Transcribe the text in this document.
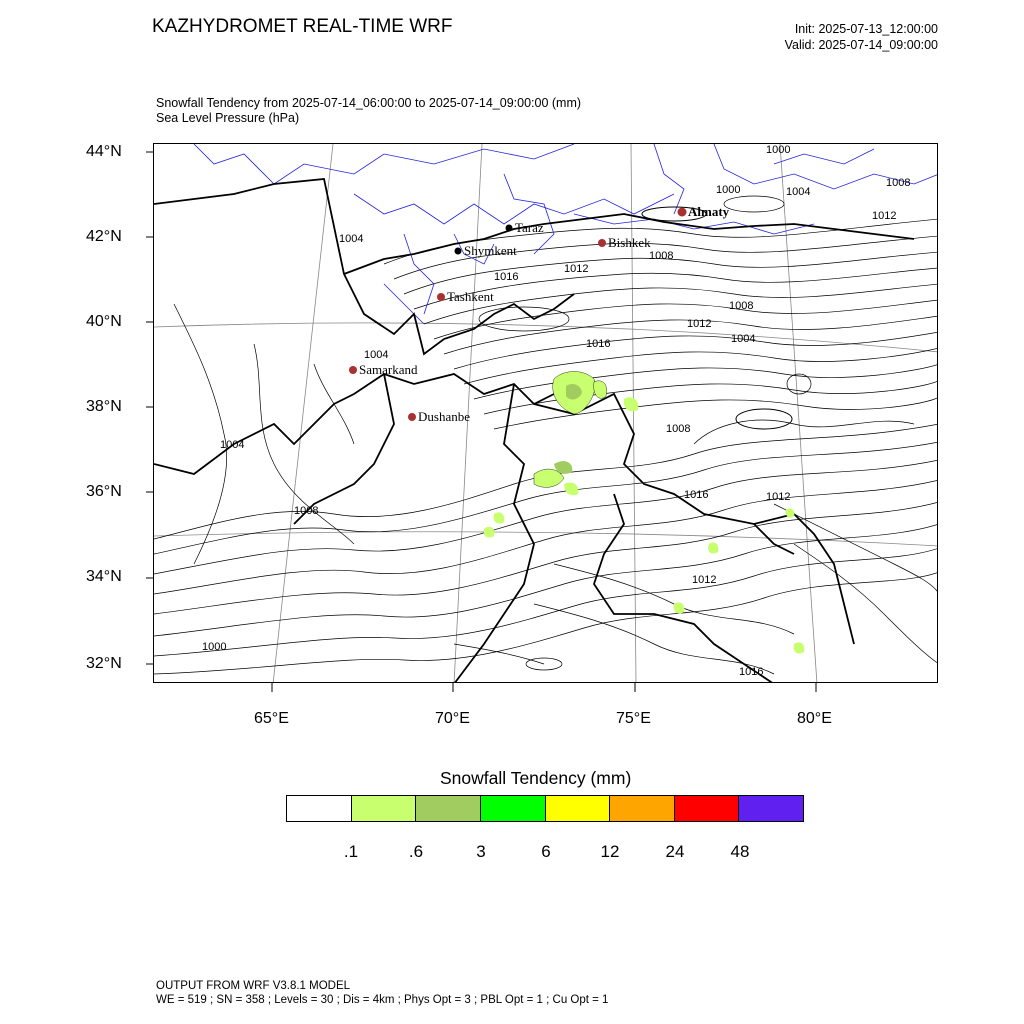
KAZHYDROMET REAL-TIME WRF	Init: 2025-07-13_12:00:00
Valid: 2025-07-14_09:00:00
Snowfall Tendency from 2025-07-14_06:00:00 to 2025-07-14_09:00:00 (mm)
Sea Level Pressure (hPa)
44°N
42°N
40°N
38°N
36°N
34°N
32°N
65°E	70°E	75°E	80°E
1004
1000	1004
1008
1012
1016
1008
1012
1004
1008
1012
1016
1000
1004
1008
1012
1016
1004
1000
1008
1012
1016
Almaty
Bishkek
Taraz
Shymkent
Tashkent
Samarkand
Dushanbe
Snowfall Tendency (mm)
.1	.6	3	6	12	24	48
OUTPUT FROM WRF V3.8.1 MODEL
WE = 519 ; SN = 358 ; Levels = 30 ; Dis = 4km ; Phys Opt = 3 ; PBL Opt = 1 ; Cu Opt = 1
